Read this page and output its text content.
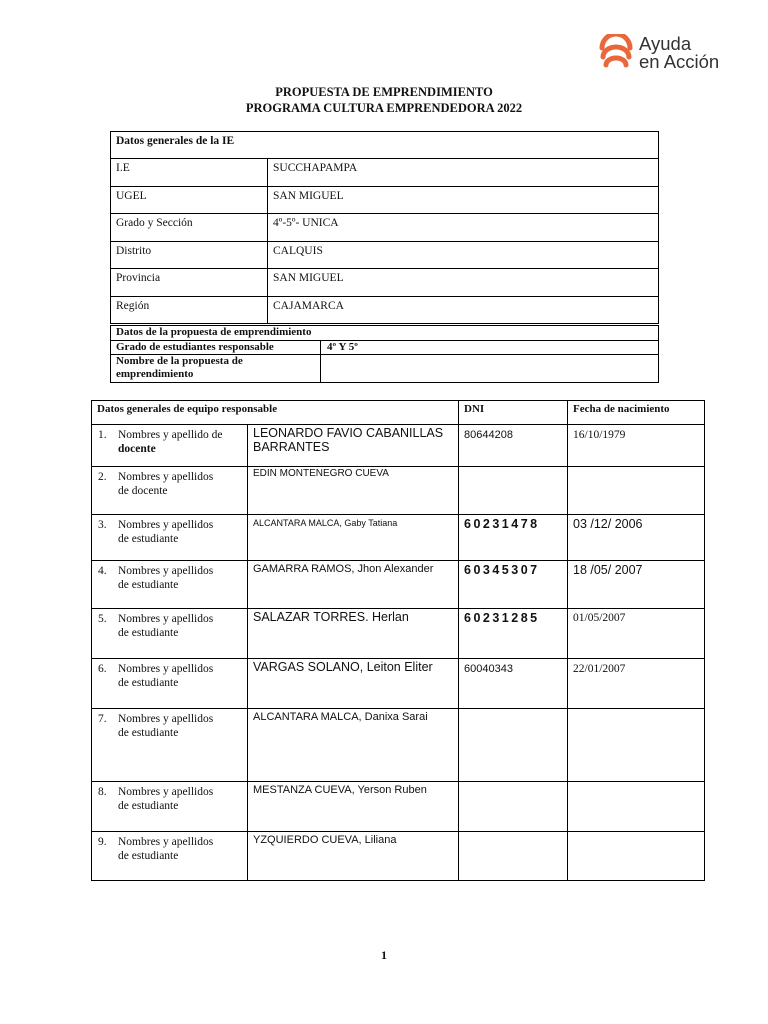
Ayuda
en Acción
PROPUESTA DE EMPRENDIMIENTO
PROGRAMA CULTURA EMPRENDEDORA 2022
Datos generales de la IE	
I.E	SUCCHAPAMPA
UGEL	SAN MIGUEL
Grado y Sección	4º-5º- UNICA
Distrito	CALQUIS
Provincia	SAN MIGUEL
Región	CAJAMARCA
Datos de la propuesta de emprendimiento	
Grado de estudiantes responsable	4º Y 5º
Nombre de la propuesta de emprendimiento	
Datos generales de equipo responsable		DNI	Fecha de nacimiento

1. Nombres y apellido de
docente	LEONARDO FAVIO CABANILLAS BARRANTES	80644208	16/10/1979

2. Nombres y apellidos
de docente	EDIN MONTENEGRO CUEVA		

3. Nombres y apellidos
de estudiante	ALCANTARA MALCA, Gaby Tatiana	60231478	03 /12/ 2006

4. Nombres y apellidos
de estudiante	GAMARRA RAMOS, Jhon Alexander	60345307	18 /05/ 2007

5. Nombres y apellidos
de estudiante	SALAZAR TORRES. Herlan	60231285	01/05/2007

6. Nombres y apellidos
de estudiante	VARGAS SOLANO, Leiton Eliter	60040343	22/01/2007

7. Nombres y apellidos
de estudiante	ALCANTARA MALCA, Danixa Sarai		

8. Nombres y apellidos
de estudiante	MESTANZA CUEVA, Yerson Ruben		

9. Nombres y apellidos
de estudiante	YZQUIERDO CUEVA, Liliana		
1
